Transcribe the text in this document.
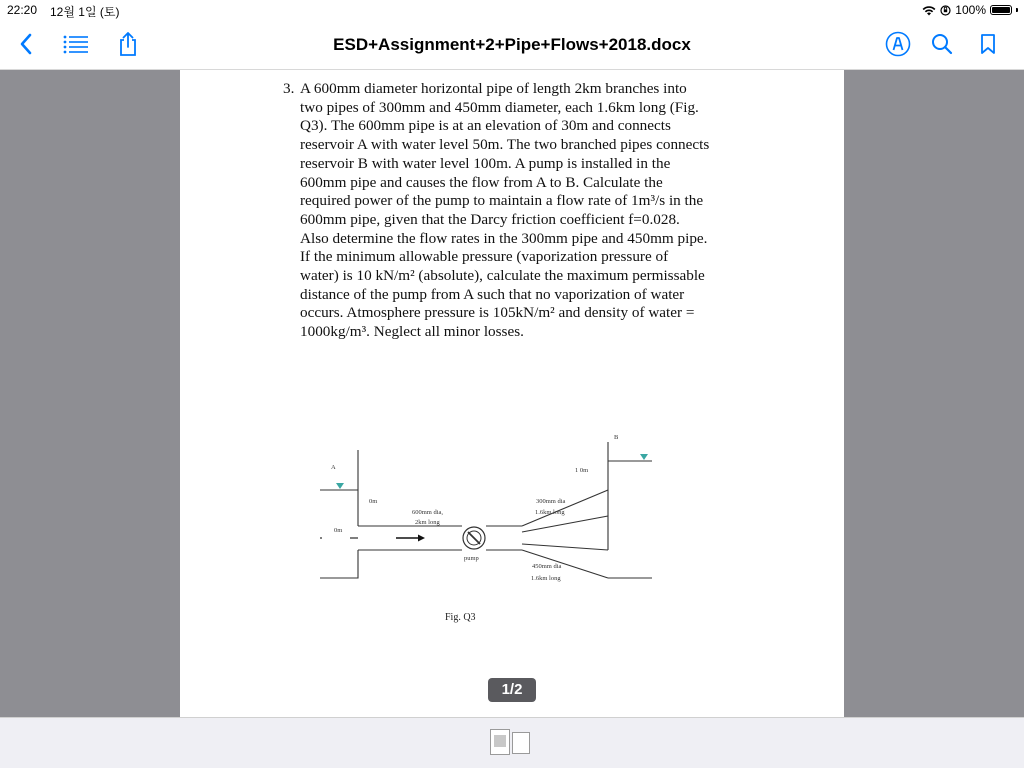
22:20 12월 1일 (토)	100%
ESD+Assignment+2+Pipe+Flows+2018.docx
3. A 600mm diameter horizontal pipe of length 2km branches into two pipes of 300mm and 450mm diameter, each 1.6km long (Fig. Q3). The 600mm pipe is at an elevation of 30m and connects reservoir A with water level 50m. The two branched pipes connects reservoir B with water level 100m. A pump is installed in the 600mm pipe and causes the flow from A to B. Calculate the required power of the pump to maintain a flow rate of 1m³/s in the 600mm pipe, given that the Darcy friction coefficient f=0.028. Also determine the flow rates in the 300mm pipe and 450mm pipe. If the minimum allowable pressure (vaporization pressure of water) is 10 kN/m² (absolute), calculate the maximum permissable distance of the pump from A such that no vaporization of water occurs. Atmosphere pressure is 105kN/m² and density of water = 1000kg/m³. Neglect all minor losses.
A
B
0m
0m
1 0m
600mm dia,
2km long
300mm dia
1.6km long
450mm dia
1.6km long
pump
Fig. Q3
1/2
